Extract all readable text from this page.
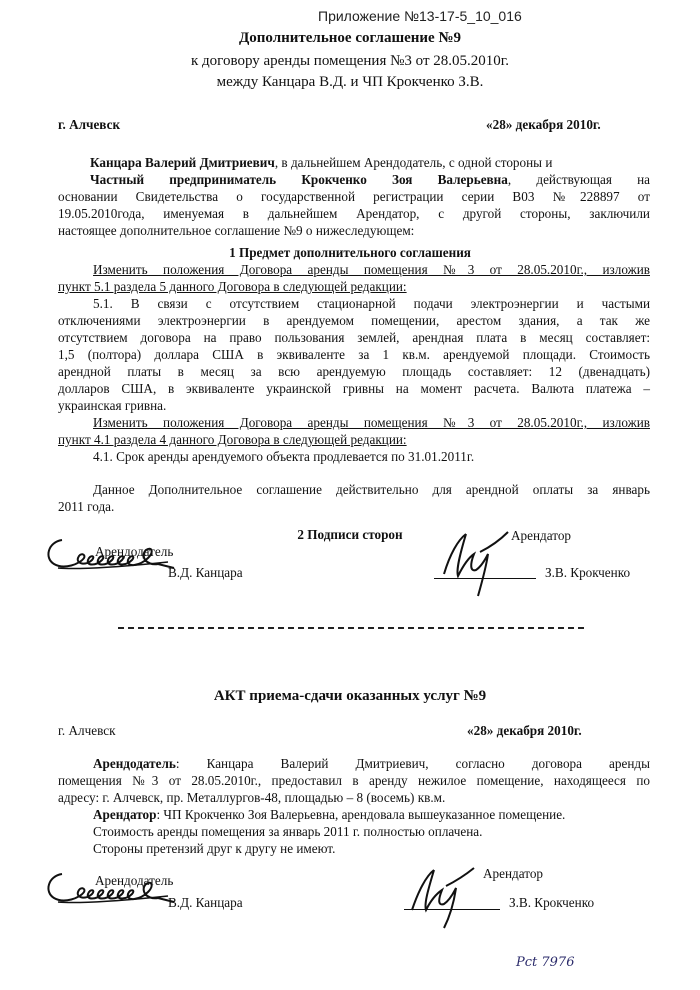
Приложение №13-17-5_10_016
Дополнительное соглашение №9
к договору аренды помещения №3 от 28.05.2010г.
между Канцара В.Д. и ЧП Крокченко З.В.
г. Алчевск	«28» декабря 2010г.
Канцара Валерий Дмитриевич, в дальнейшем Арендодатель, с одной стороны и
Частный предприниматель Крокченко Зоя Валерьевна, действующая на
основании Свидетельства о государственной регистрации серии В03 №228897 от
19.05.2010года, именуемая в дальнейшем Арендатор, с другой стороны, заключили
настоящее дополнительное соглашение №9 о нижеследующем:
1 Предмет дополнительного соглашения
Изменить положения Договора аренды помещения №3 от 28.05.2010г., изложив
пункт 5.1 раздела 5 данного Договора в следующей редакции:
5.1. В связи с отсутствием стационарной подачи электроэнергии и частыми
отключениями электроэнергии в арендуемом помещении, арестом здания, а так же
отсутствием договора на право пользования землей, арендная плата в месяц составляет:
1,5 (полтора) доллара США в эквиваленте за 1 кв.м. арендуемой площади. Стоимость
арендной платы в месяц за всю арендуемую площадь составляет: 12 (двенадцать)
долларов США, в эквиваленте украинской гривны на момент расчета. Валюта платежа –
украинская гривна.
Изменить положения Договора аренды помещения №3 от 28.05.2010г., изложив
пункт 4.1 раздела 4 данного Договора в следующей редакции:
4.1. Срок аренды арендуемого объекта продлевается по 31.01.2011г.
Данное Дополнительное соглашение действительно для арендной оплаты за январь
2011 года.
2 Подписи сторон
Арендодатель
В.Д. Канцара
Арендатор
З.В. Крокченко
АКТ приема-сдачи оказанных услуг №9
г. Алчевск	«28» декабря 2010г.
Арендодатель: Канцара Валерий Дмитриевич, согласно договора аренды
помещения №3 от 28.05.2010г., предоставил в аренду нежилое помещение, находящееся по
адресу: г. Алчевск, пр. Металлургов-48, площадью – 8 (восемь) кв.м.
Арендатор: ЧП Крокченко Зоя Валерьевна, арендовала вышеуказанное помещение.
Стоимость аренды помещения за январь 2011 г. полностью оплачена.
Стороны претензий друг к другу не имеют.
Арендодатель
В.Д. Канцара
Арендатор
З.В. Крокченко
Рсt 7976
